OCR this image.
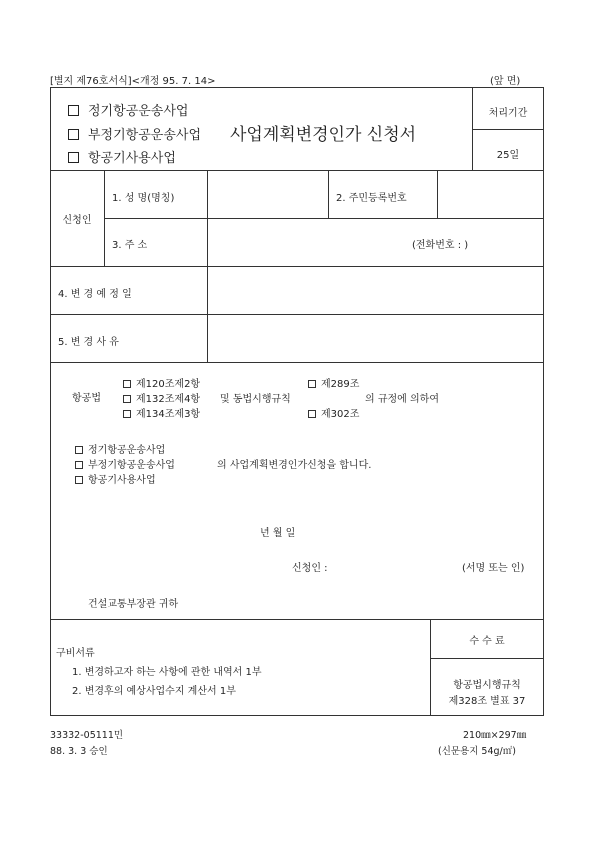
[별지 제76호서식]<개정 95. 7. 14>	(앞 면)
정기항공운송사업
부정기항공운송사업 사업계획변경인가 신청서
항공기사용사업
처리기간
25일
신청인
1. 성 명(명칭)	2. 주민등록번호
3. 주 소	(전화번호 : )
4. 변 경 예 정 일
5. 변 경 사 유
항공법
제120조제2항
제132조제4항
제134조제3항
및 동법시행규칙
제289조
제302조
의 규정에 의하여
정기항공운송사업
부정기항공운송사업
항공기사용사업
의 사업계획변경인가신청을 합니다.
년 월 일
신청인 :	(서명 또는 인)
건설교통부장관 귀하
구비서류
1. 변경하고자 하는 사항에 관한 내역서 1부
2. 변경후의 예상사업수지 계산서 1부
수 수 료
항공법시행규칙
제328조 별표 37
33332-05111민
88. 3. 3 승인
210㎜×297㎜
(신문용지 54g/㎡)
